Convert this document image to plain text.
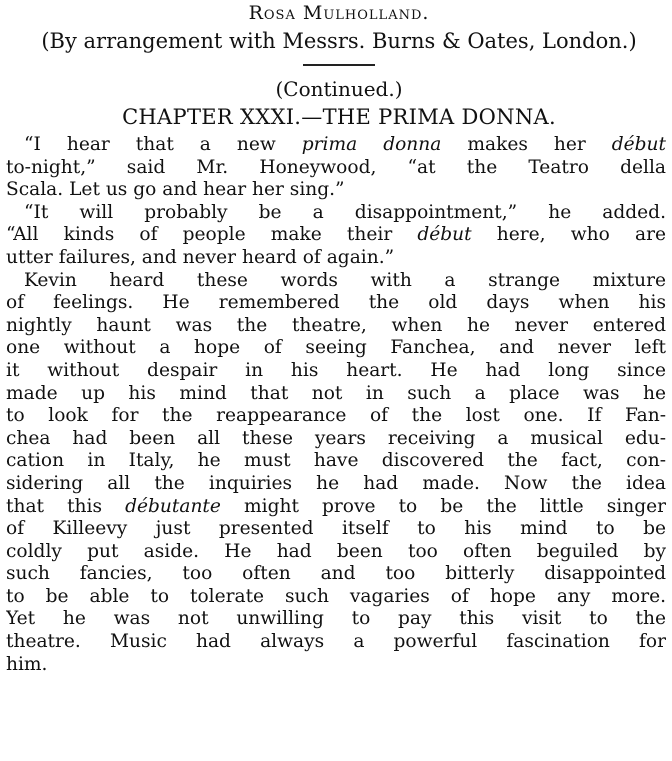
Rosa Mulholland.
(By arrangement with Messrs. Burns & Oates, London.)
(Continued.)
CHAPTER XXXI.—THE PRIMA DONNA.
“I hear that a new prima donna makes her début
to-night,” said Mr. Honeywood, “at the Teatro della
Scala. Let us go and hear her sing.”
“It will probably be a disappointment,” he added.
“All kinds of people make their début here, who are
utter failures, and never heard of again.”
Kevin heard these words with a strange mixture
of feelings. He remembered the old days when his
nightly haunt was the theatre, when he never entered
one without a hope of seeing Fanchea, and never left
it without despair in his heart. He had long since
made up his mind that not in such a place was he
to look for the reappearance of the lost one. If Fan-
chea had been all these years receiving a musical edu-
cation in Italy, he must have discovered the fact, con-
sidering all the inquiries he had made. Now the idea
that this débutante might prove to be the little singer
of Killeevy just presented itself to his mind to be
coldly put aside. He had been too often beguiled by
such fancies, too often and too bitterly disappointed
to be able to tolerate such vagaries of hope any more.
Yet he was not unwilling to pay this visit to the
theatre. Music had always a powerful fascination for
him.
